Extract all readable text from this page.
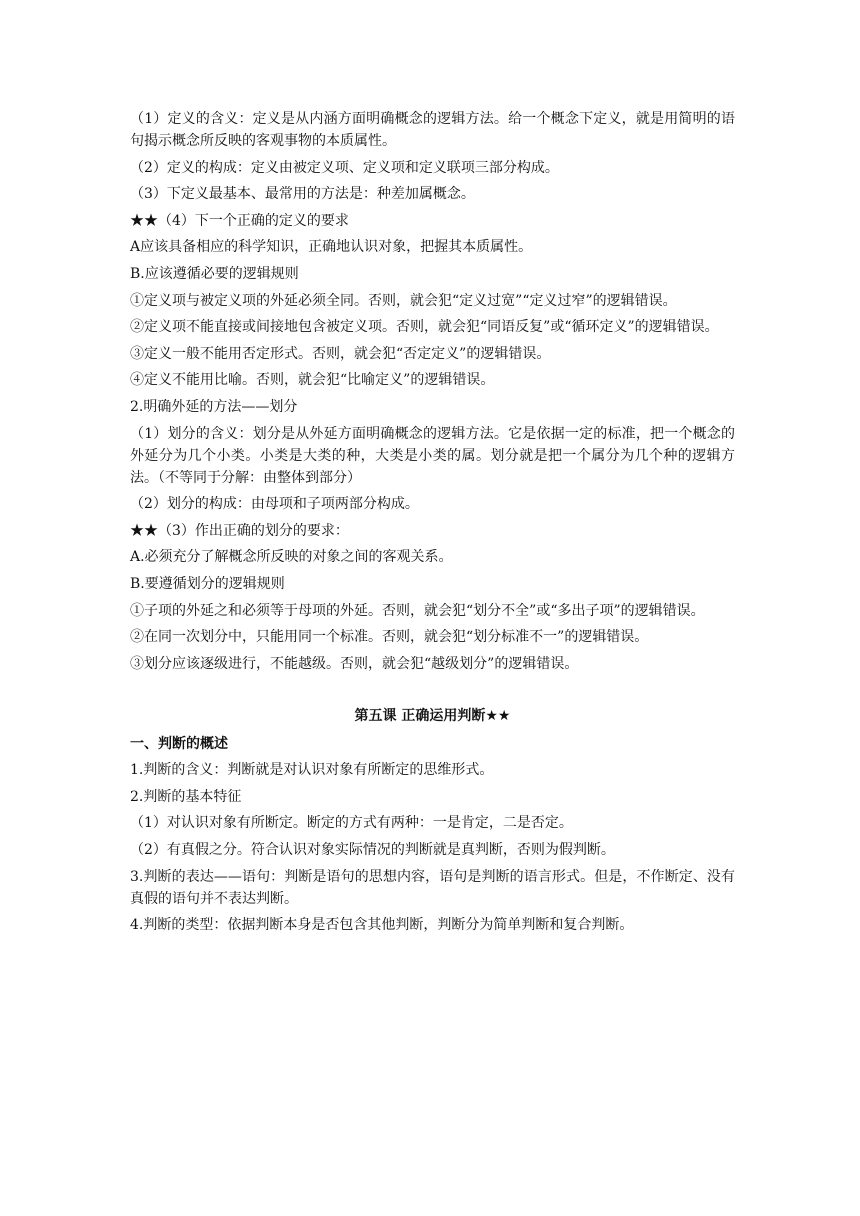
（1）定义的含义：定义是从内涵方面明确概念的逻辑方法。给一个概念下定义，就是用简明的语句揭示概念所反映的客观事物的本质属性。

（2）定义的构成：定义由被定义项、定义项和定义联项三部分构成。

（3）下定义最基本、最常用的方法是：种差加属概念。

★★（4）下一个正确的定义的要求

A应该具备相应的科学知识，正确地认识对象，把握其本质属性。

B.应该遵循必要的逻辑规则

①定义项与被定义项的外延必须全同。否则，就会犯“定义过宽”“定义过窄”的逻辑错误。

②定义项不能直接或间接地包含被定义项。否则，就会犯“同语反复”或“循环定义”的逻辑错误。

③定义一般不能用否定形式。否则，就会犯“否定定义”的逻辑错误。

④定义不能用比喻。否则，就会犯“比喻定义”的逻辑错误。

2.明确外延的方法——划分

（1）划分的含义：划分是从外延方面明确概念的逻辑方法。它是依据一定的标准，把一个概念的外延分为几个小类。小类是大类的种，大类是小类的属。划分就是把一个属分为几个种的逻辑方法。（不等同于分解：由整体到部分）

（2）划分的构成：由母项和子项两部分构成。

★★（3）作出正确的划分的要求：

A.必须充分了解概念所反映的对象之间的客观关系。

B.要遵循划分的逻辑规则

①子项的外延之和必须等于母项的外延。否则，就会犯“划分不全”或“多出子项”的逻辑错误。

②在同一次划分中，只能用同一个标准。否则，就会犯“划分标准不一”的逻辑错误。

③划分应该逐级进行，不能越级。否则，就会犯“越级划分”的逻辑错误。

第五课 正确运用判断★★
一、判断的概述

1.判断的含义：判断就是对认识对象有所断定的思维形式。

2.判断的基本特征

（1）对认识对象有所断定。断定的方式有两种：一是肯定，二是否定。

（2）有真假之分。符合认识对象实际情况的判断就是真判断，否则为假判断。

3.判断的表达——语句：判断是语句的思想内容，语句是判断的语言形式。但是，不作断定、没有真假的语句并不表达判断。

4.判断的类型：依据判断本身是否包含其他判断，判断分为简单判断和复合判断。
